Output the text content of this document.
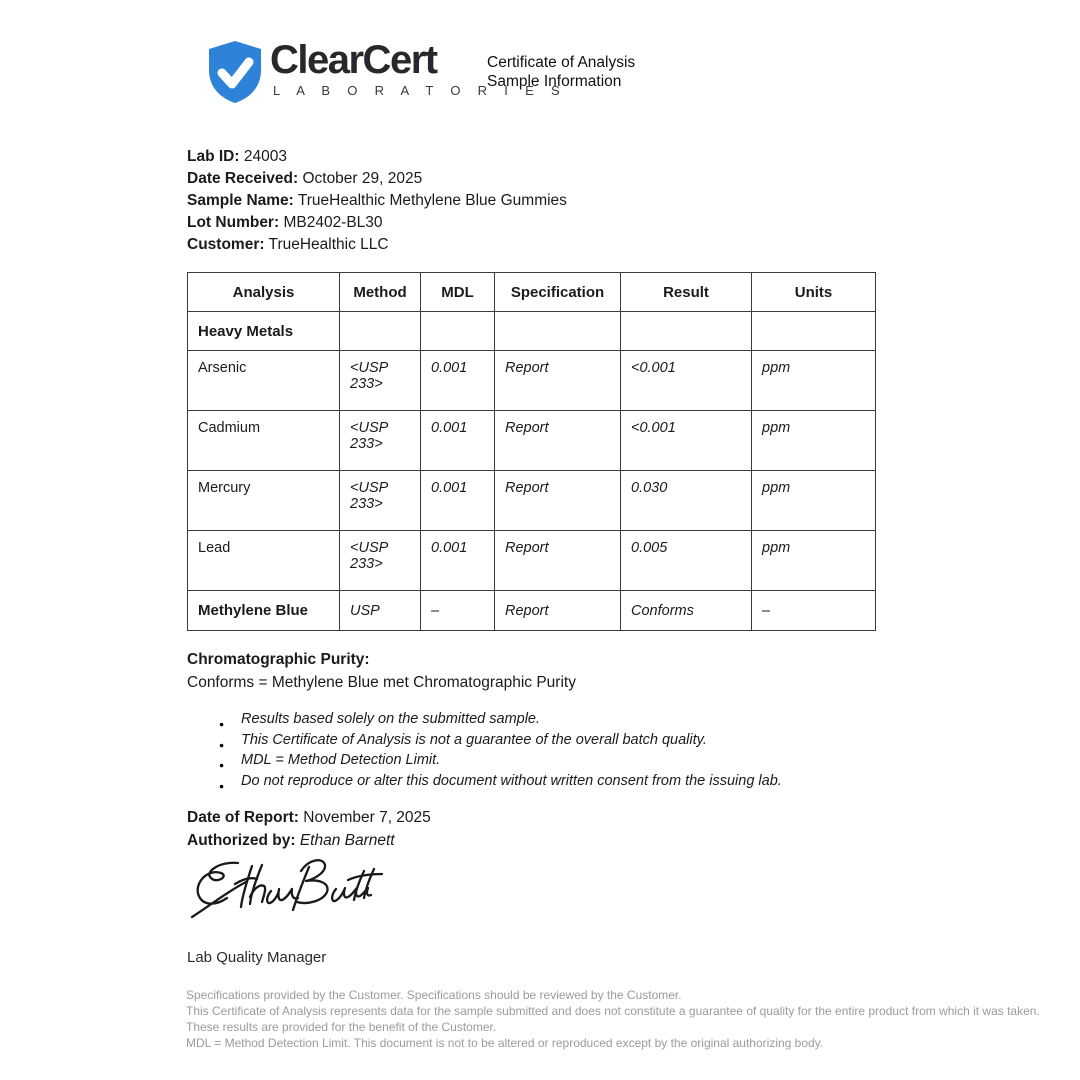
ClearCert
L A B O R A T O R I E S
Certificate of Analysis
Sample Information
Lab ID: 24003
Date Received: October 29, 2025
Sample Name: TrueHealthic Methylene Blue Gummies
Lot Number: MB2402-BL30
Customer: TrueHealthic LLC
Analysis	Method	MDL	Specification	Result	Units
Heavy Metals					
Arsenic	<USP 233>	0.001	Report	<0.001	ppm
Cadmium	<USP 233>	0.001	Report	<0.001	ppm
Mercury	<USP 233>	0.001	Report	0.030	ppm
Lead	<USP 233>	0.001	Report	0.005	ppm
Methylene Blue	USP	–	Report	Conforms	–
Chromatographic Purity:
Conforms = Methylene Blue met Chromatographic Purity
● Results based solely on the submitted sample.
● This Certificate of Analysis is not a guarantee of the overall batch quality.
● MDL = Method Detection Limit.
● Do not reproduce or alter this document without written consent from the issuing lab.
Date of Report: November 7, 2025
Authorized by: Ethan Barnett
Lab Quality Manager

Specifications provided by the Customer. Specifications should be reviewed by the Customer.

This Certificate of Analysis represents data for the sample submitted and does not constitute a guarantee of quality for the entire product from which it was taken. These results are provided for the benefit of the Customer.

MDL = Method Detection Limit. This document is not to be altered or reproduced except by the original authorizing body.
